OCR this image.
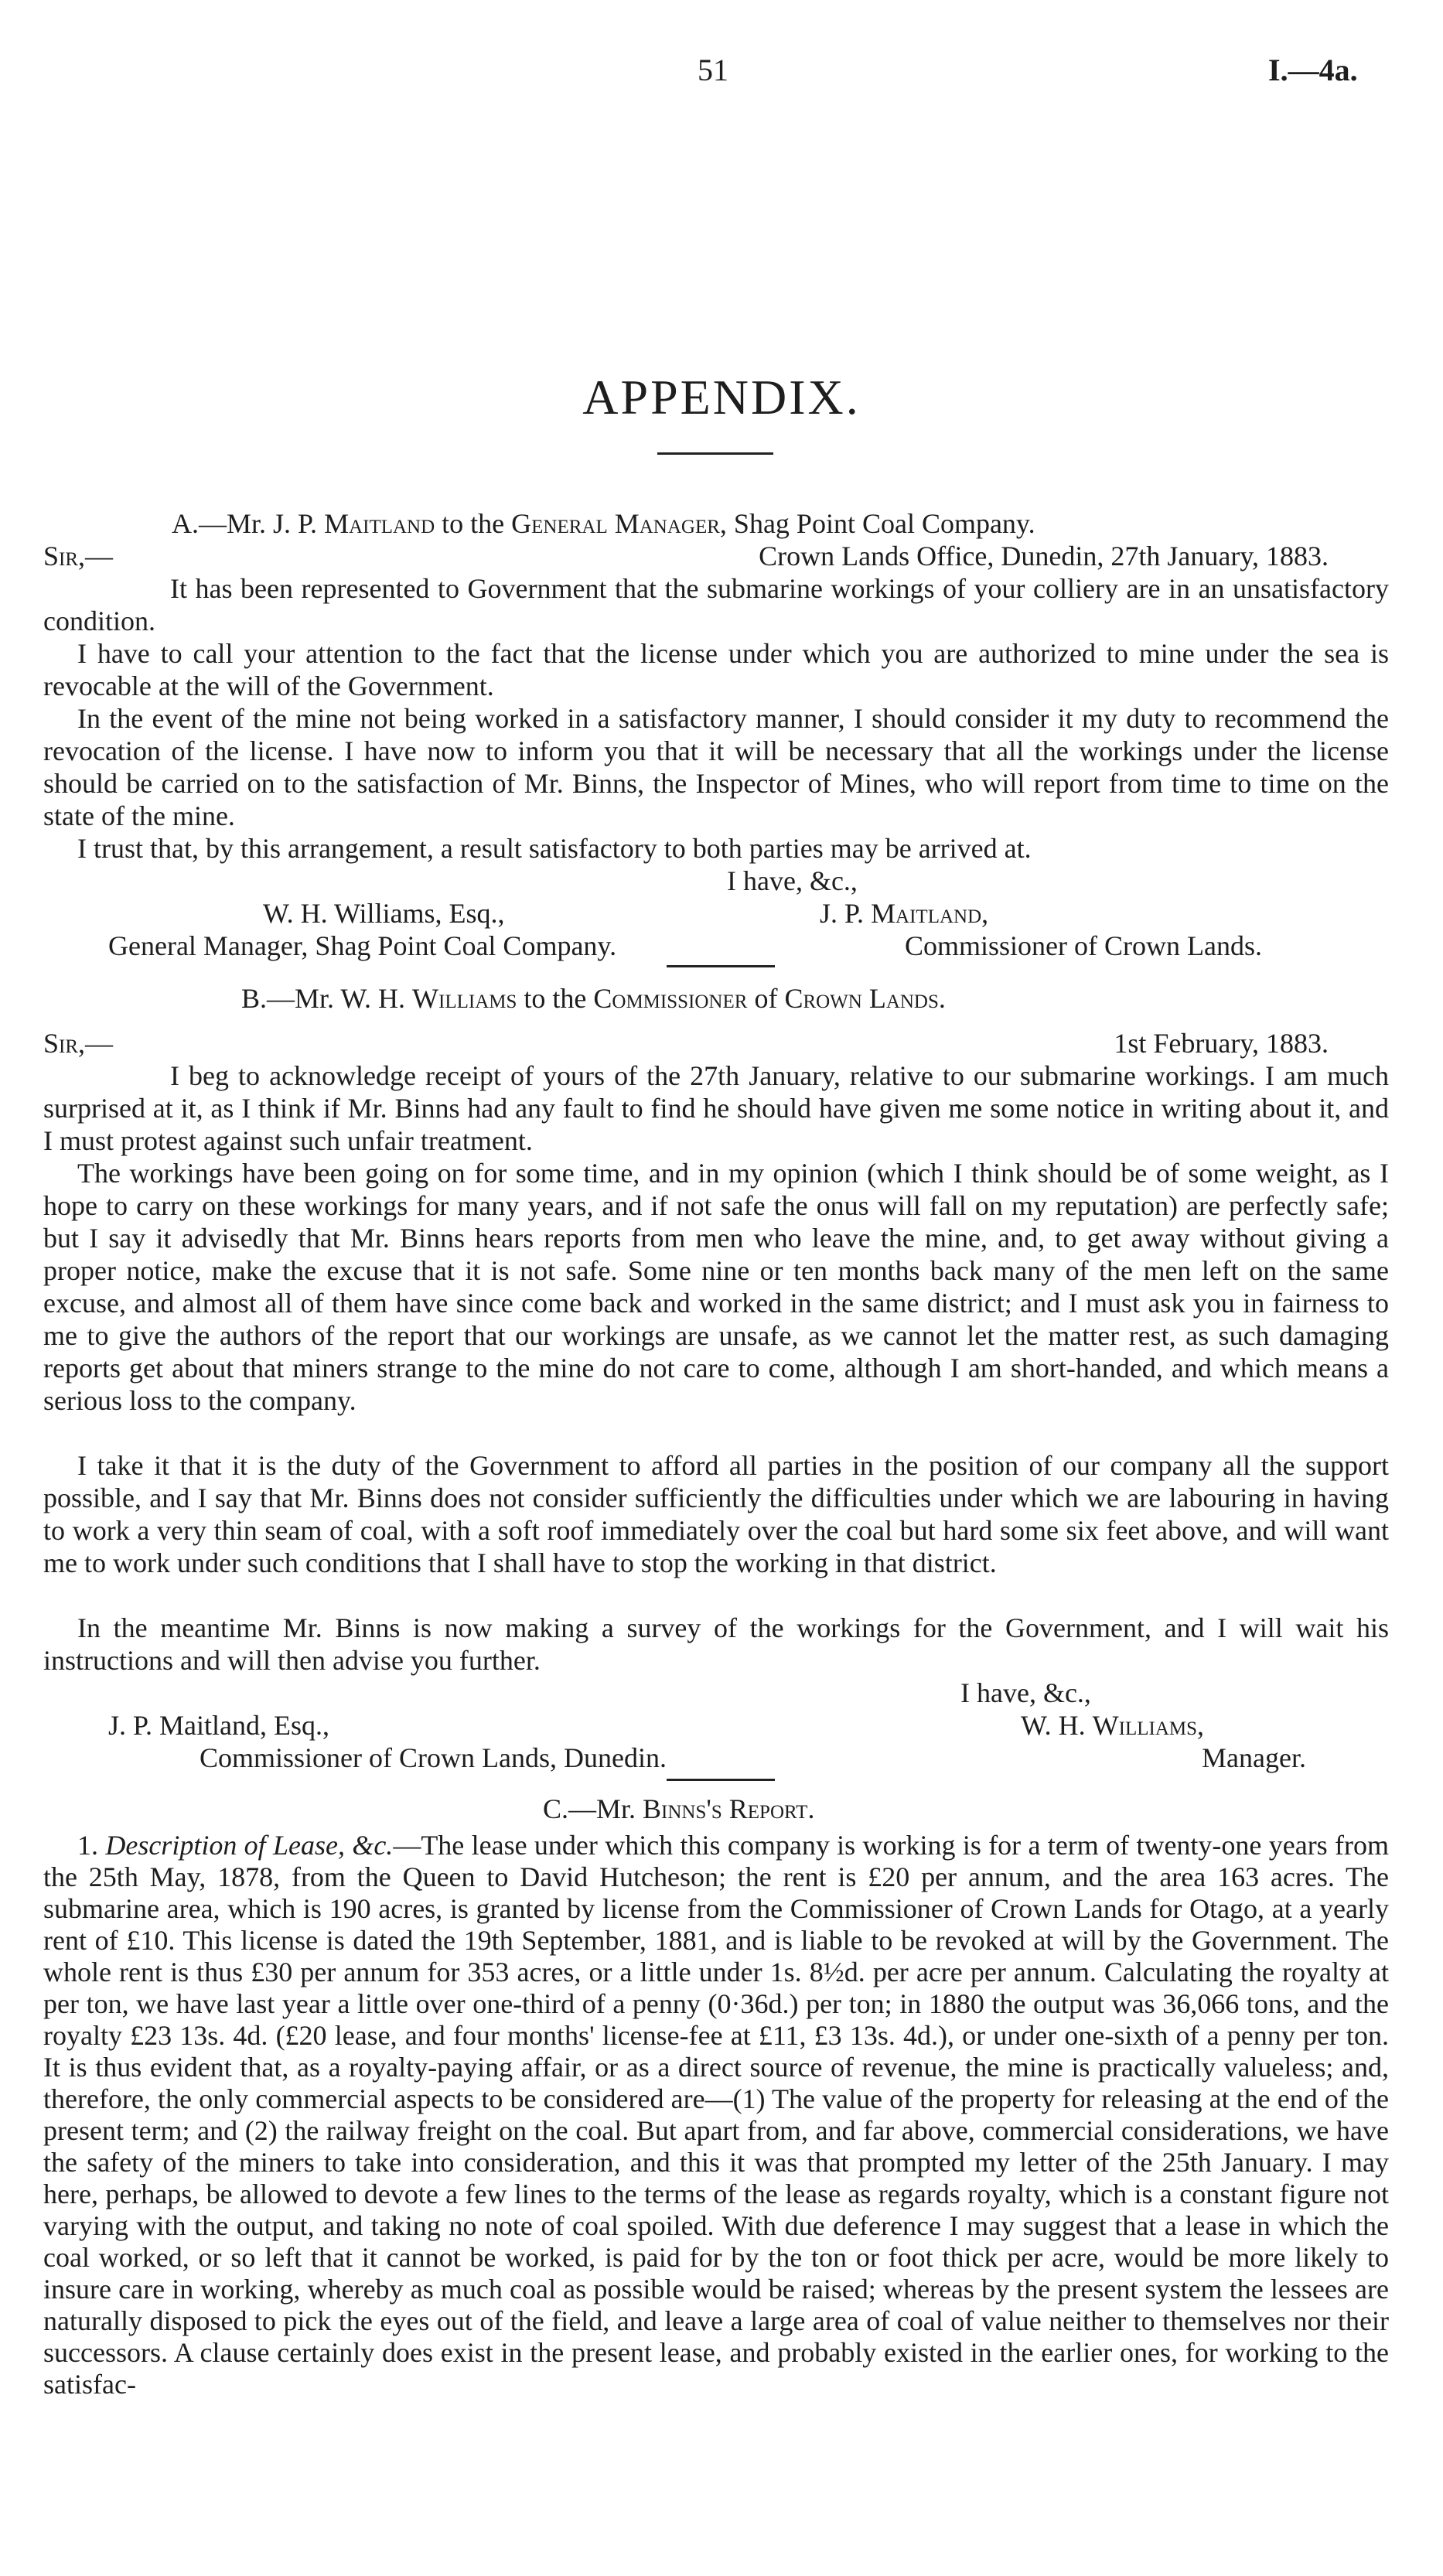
51	I.—4a.
APPENDIX.
A.—Mr. J. P. Maitland to the General Manager, Shag Point Coal Company.
Sir,—	Crown Lands Office, Dunedin, 27th January, 1883.

It has been represented to Government that the submarine workings of your colliery are in an unsatisfactory condition.

I have to call your attention to the fact that the license under which you are authorized to mine under the sea is revocable at the will of the Government.

In the event of the mine not being worked in a satisfactory manner, I should consider it my duty to recommend the revocation of the license. I have now to inform you that it will be necessary that all the workings under the license should be carried on to the satisfaction of Mr. Binns, the Inspector of Mines, who will report from time to time on the state of the mine.

I trust that, by this arrangement, a result satisfactory to both parties may be arrived at.

I have, &c.,
W. H. Williams, Esq.,	J. P. Maitland,
General Manager, Shag Point Coal Company.	Commissioner of Crown Lands.
B.—Mr. W. H. Williams to the Commissioner of Crown Lands.
Sir,—	1st February, 1883.

I beg to acknowledge receipt of yours of the 27th January, relative to our submarine workings. I am much surprised at it, as I think if Mr. Binns had any fault to find he should have given me some notice in writing about it, and I must protest against such unfair treatment.

The workings have been going on for some time, and in my opinion (which I think should be of some weight, as I hope to carry on these workings for many years, and if not safe the onus will fall on my reputation) are perfectly safe; but I say it advisedly that Mr. Binns hears reports from men who leave the mine, and, to get away without giving a proper notice, make the excuse that it is not safe. Some nine or ten months back many of the men left on the same excuse, and almost all of them have since come back and worked in the same district; and I must ask you in fairness to me to give the authors of the report that our workings are unsafe, as we cannot let the matter rest, as such damaging reports get about that miners strange to the mine do not care to come, although I am short-handed, and which means a serious loss to the company.

I take it that it is the duty of the Government to afford all parties in the position of our company all the support possible, and I say that Mr. Binns does not consider sufficiently the difficulties under which we are labouring in having to work a very thin seam of coal, with a soft roof immediately over the coal but hard some six feet above, and will want me to work under such conditions that I shall have to stop the working in that district.

In the meantime Mr. Binns is now making a survey of the workings for the Government, and I will wait his instructions and will then advise you further.

I have, &c.,
J. P. Maitland, Esq.,	W. H. Williams,
Commissioner of Crown Lands, Dunedin.	Manager.
C.—Mr. Binns's Report.

1. Description of Lease, &c.—The lease under which this company is working is for a term of twenty-one years from the 25th May, 1878, from the Queen to David Hutcheson; the rent is £20 per annum, and the area 163 acres. The submarine area, which is 190 acres, is granted by license from the Commissioner of Crown Lands for Otago, at a yearly rent of £10. This license is dated the 19th September, 1881, and is liable to be revoked at will by the Government. The whole rent is thus £30 per annum for 353 acres, or a little under 1s. 8½d. per acre per annum. Calculating the royalty at per ton, we have last year a little over one-third of a penny (0·36d.) per ton; in 1880 the output was 36,066 tons, and the royalty £23 13s. 4d. (£20 lease, and four months' license-fee at £11, £3 13s. 4d.), or under one-sixth of a penny per ton. It is thus evident that, as a royalty-paying affair, or as a direct source of revenue, the mine is practically valueless; and, therefore, the only commercial aspects to be considered are—(1) The value of the property for releasing at the end of the present term; and (2) the railway freight on the coal. But apart from, and far above, commercial considerations, we have the safety of the miners to take into consideration, and this it was that prompted my letter of the 25th January. I may here, perhaps, be allowed to devote a few lines to the terms of the lease as regards royalty, which is a constant figure not varying with the output, and taking no note of coal spoiled. With due deference I may suggest that a lease in which the coal worked, or so left that it cannot be worked, is paid for by the ton or foot thick per acre, would be more likely to insure care in working, whereby as much coal as possible would be raised; whereas by the present system the lessees are naturally disposed to pick the eyes out of the field, and leave a large area of coal of value neither to themselves nor their successors. A clause certainly does exist in the present lease, and probably existed in the earlier ones, for working to the satisfac-
